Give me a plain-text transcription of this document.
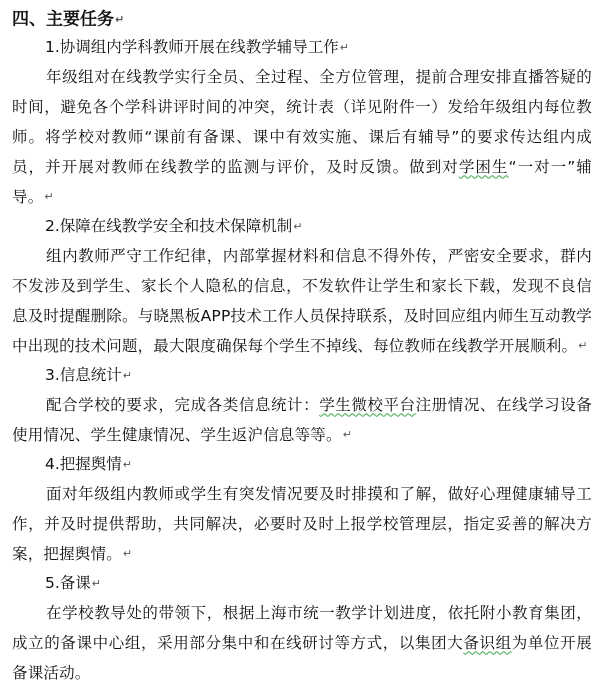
四、主要任务↵
1.协调组内学科教师开展在线教学辅导工作↵
年级组对在线教学实行全员、全过程、全方位管理，提前合理安排直播答疑的时间，避免各个学科讲评时间的冲突，统计表（详见附件一）发给年级组内每位教师。将学校对教师“课前有备课、课中有效实施、课后有辅导”的要求传达组内成员，并开展对教师在线教学的监测与评价，及时反馈。做到对学困生“一对一”辅导。↵
2.保障在线教学安全和技术保障机制↵
组内教师严守工作纪律，内部掌握材料和信息不得外传，严密安全要求，群内不发涉及到学生、家长个人隐私的信息，不发软件让学生和家长下载，发现不良信息及时提醒删除。与晓黑板APP技术工作人员保持联系，及时回应组内师生互动教学中出现的技术问题，最大限度确保每个学生不掉线、每位教师在线教学开展顺利。↵
3.信息统计↵
配合学校的要求，完成各类信息统计：学生微校平台注册情况、在线学习设备使用情况、学生健康情况、学生返沪信息等等。↵
4.把握舆情↵
面对年级组内教师或学生有突发情况要及时排摸和了解，做好心理健康辅导工作，并及时提供帮助，共同解决，必要时及时上报学校管理层，指定妥善的解决方案，把握舆情。↵
5.备课↵
在学校教导处的带领下，根据上海市统一教学计划进度，依托附小教育集团，成立的备课中心组，采用部分集中和在线研讨等方式，以集团大备识组为单位开展备课活动。
